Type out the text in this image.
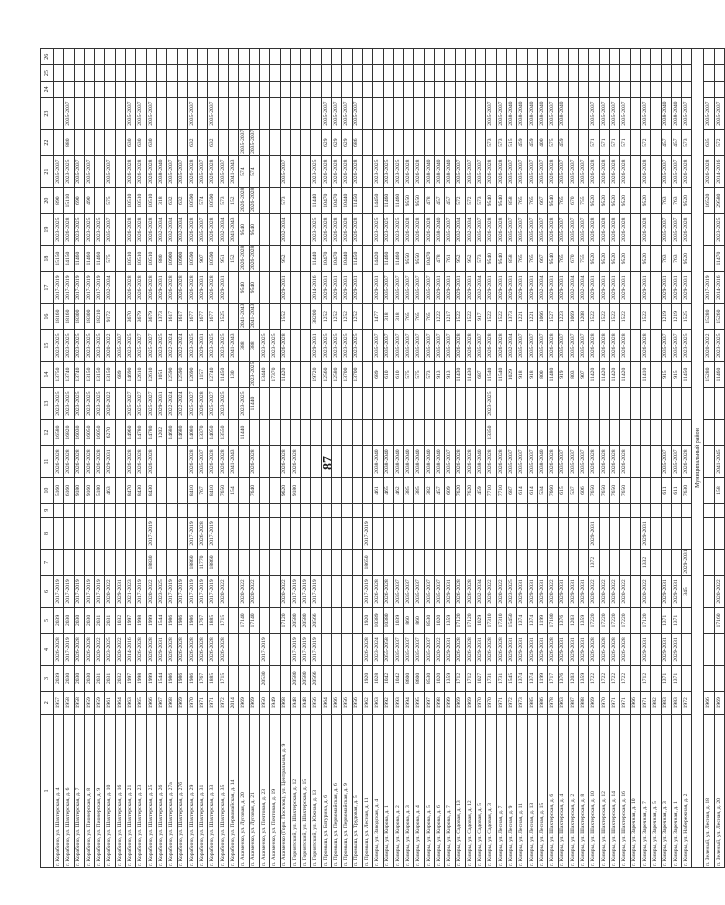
87
1	2	3	4	5	6	7	8	9	10	11	12	13	14	15	16	17	18	19	20	21	22	23	24	25	26
г. Корабино, ул. Шахтерская, д. 4	1957	2039	2026-2028	2039	2017-2019				5160	2026-2028	16580	2023-2025	13750	2023-2025	18160	2017-2019	15150	2023-2025	890	2035-2037					
г. Корабино, ул. Шахтерская, д. 6	1958	2030	2017-2019	2030	2017-2019				6160	2026-2028	16820	2023-2025	13740	2023-2025	18160	2017-2019	14150	2026-2028	15110	2023-2025	880	2035-2037			
г. Корабино, ул. Шахтерская, д. 7	1958	2030	2026-2028	2030	2017-2019				9180	2026-2028	16030	2023-2025	13740	2023-2025	18300	2017-2019	11460	2023-2025	690	2035-2037					
г. Корабино, ул. Пионерская, д. 8	1959	2030	2026-2028	2030	2017-2019				9160	2026-2028	16050	2023-2025	13150	2023-2025	18300	2017-2019	11460	2023-2025	490	2035-2037					
г. Корабино, ул. Пионерская, д. 9	1959	2031	2020-2022	2031	2017-2019				5180	2026-2028	16050	2023-2025	13150	2023-2025	18210	2017-2019	11460	2023-2025							
г. Корабино, ул. Шахтерская, д. 10	1961	2031	2023-2025	2031	2020-2022				463	2029-2031	6270	2020-2022	13150	2020-2022	9172	2032-2034	575	2035-2037	575	2035-2037					
г. Корабино, ул. Шахтерская, д. 16	1964	2032	2020-2022	1032	2029-2031								689	2035-2037											
г. Корабино, ул. Шахтерская, д. 21	1963	1997	2014-2016	1997	2021-2023				8470	2026-2028	14960	2025-2027	14690	2023-2025	3670	2026-2028	10510	2026-2028	10510	2026-2028	630	2035-2037			
г. Корабино, ул. Шахтерская, д. 23	1965	1998	2026-2028	1998	2017-2019				8430	2026-2028	14780	2025-2027	12610	2025-2027	3679	2026-2028	10510	2026-2028	10510	2026-2028	630	2035-2037			
г. Корабино, ул. Шахтерская, д. 25	1966	1999	2026-2028	1999	2020-2022	18830	2017-2019		8430	2026-2028	14780	2025-2027	12610	2025-2027	3679	2026-2028	10510	2026-2028	10510	2026-2028	630	2035-2037			
г. Корабино, ул. Шахтерская, д. 26	1967	1544	2029-2031	1544	2023-2025						1202	2029-2031	1051	2023-2025	1373	2029-2031	880	2032-2034	318	2038-2040					
г. Корабино, ул. Шахтерская, д. 27а	1968	1986	2026-2028	1986	2017-2019						14680	2022-2024	12590	2022-2024	1617	2026-2028	10900	2032-2034	632	2035-2037					
г. Корабино, ул. Шахтерская, д. 27б	1969	1986	2026-2028	1986	2017-2019						14680	2022-2024	12590	2022-2024	1617	2026-2028	10900	2032-2034	632	2035-2037					
г. Корабино, ул. Шахтерская, д. 29	1970	1986	2026-2028	1986	2017-2019	18860	2017-2019		8410	2026-2028	14080	2025-2027	12690	2023-2025	1677	2026-2028	10590	2026-2028	10590	2026-2028	632	2035-2037			
г. Корабино, ул. Шахтерская, д. 31	1971	1767	2026-2028	1767	2017-2019	11770	2026-2028		767	2035-2037	13370	2026-2028	1157	2029-2031	1677	2029-2031	907	2035-2037	574	2035-2037					
г. Корабино, ул. Шахтерская, д. 33	1971	1885	2026-2028	1885	2017-2019	18860	2017-2019		8410	2026-2028	14050	2025-2027	12740	2023-2025	1677	2026-2028	10590	2026-2028	10590	2026-2028	632	2035-2037			
г. Корабино, ул. Шахтерская, д. 35	1972	1715	2026-2028	1715	2020-2022				7650	2026-2028	13550	2023-2025	11450	2023-2025	1525	2029-2031	951	2032-2034	573	2035-2037					
г. Корабино, ул. Первомайская, д. 14	2014								154	2041-2043			130	2041-2043			152	2041-2043	152	2041-2043					
п. Акименко, ул. Луговая, д. 20	1969			17140	2020-2022						11440	2023-2025		388	2041-2043	9540	2026-2028	9540	2026-2028	574	2035-2037				
п. Акименко, ул. Луговая, д. 21	1969			17140	2020-2022				7640	2026-2028		11440	2023-2025	388	2041-2043	9540	2026-2028	9540	2026-2028	574	2035-2037				
п. Акименко, ул. Почтовая, д. 23	1950	20530	2017-2019										13440	2023-2025											
п. Акименко, ул. Почтовая, д. 19	1949												17370	2023-2025											
п. Акименко (Горн. Поселок), ул. Центральная, д. 9	1968			17120	2020-2022				9620	2026-2028			11420	2026-2028	1552	2029-2031	952	2032-2034	573	2035-2037					
п. Горнятский, ул. Шахтерская, д. 12	1948	20580	2017-2019	20580	2017-2019				9180	2026-2028															
п. Горнятский, ул. Шахтерская, д. 15	1948	20580	2017-2019	20580	2017-2019																				
п. Горнятский, ул. Южная, д. 13	1956	20566	2017-2019	20566	2017-2019								19720	2029-2031	38200	2014-2016	11440	2023-2025	11440	2023-2025					
п. Промыш, ул. Батурина, д. 6	1964												12560	2023-2025	1252	2029-2031	10470	2026-2028	10470	2026-2028	629	2035-2037			
п. Промыш, ул. Первомайская, д. 6	1966												12580	2023-2025	1252	2029-2031	10470	2026-2028	10470	2026-2028	629	2035-2037			
п. Промыш, ул. Первомайская, д. 9	1956												13700	2023-2025	1252	2029-2031	10440	2026-2028	10440	2026-2028	629	2035-2037			
п. Промыш, ул. Трудовая, д. 5	1956												13700	2023-2025	1252	2029-2031	11450	2026-2028	11450	2026-2028	686	2035-2037			
п. Промыш, ул. Лесная, д. 11	1962	1920	2026-2028	1920	2017-2019	18650	2017-2019																		
г. Кимры, ул. Заводская, д. 4	1963	1028	2023-2024	10389	2026-2028				461	2038-2040			689	2035-2037	1477	2029-2031	14420	2023-2025	14450	2023-2025					
г. Кимры, ул. Кирова, д. 1	1992	1042	2055-2058	10380	2026-2028				465	2038-2040			610	2035-2037	318	2035-2037	11460	2023-2025	11460	2023-2025					
г. Кимры, ул. Кирова, д. 2	1993	1042	2035-2037	1039	2035-2037				462	2038-2040			610	2035-2037	318	2035-2037	11460	2023-2025	11460	2023-2025					
г. Кимры, ул. Кирова, д. 3	1994	8600	2035-2037	860	2035-2037				385	2038-2040			575	2035-2037	765	2035-2037	9550	2026-2028	9550	2026-2028					
г. Кимры, ул. Кирова, д. 4	1995	8600	2035-2037	860	2035-2037				385	2038-2040			575	2035-2037	765	2035-2037	9550	2026-2028	9550	2026-2028					
г. Кимры, ул. Кирова, д. 5	1997	8530	2035-2037	8530	2035-2037				382	2038-2040			573	2035-2037	765	2035-2037	10470	2026-2028	478	2038-2040					
г. Кимры, ул. Кирова, д. 6	1998	1020	2020-2022	1020	2035-2037				457	2038-2040			913	2035-2037	1222	2029-2031	478	2038-2040	457	2038-2040					
г. Кимры, ул. Кирова, д. 7	1999	1359	2029-2031	1359	2029-2031				609	2035-2037			913	2035-2037	1217	2029-2031	761	2035-2037	457	2038-2040					
г. Кимры, ул. Садовая, д. 13	1969	1712	2026-2028	17120	2026-2028				7620	2026-2028			11430	2026-2028	1522	2029-2031	952	2032-2034	572	2035-2037					
г. Кимры, ул. Садовая, д. 12	1969	1712	2026-2028	17120	2026-2028				7620	2026-2028			11430	2026-2028	1522	2029-2031	952	2032-2034	572	2035-2037					
г. Кимры, ул. Садовая, д. 5	1970	1027	2029-2031	1029	2032-2034				459	2038-2040			687	2035-2037	917	2032-2034	573	2035-2037	573	2035-2037					
г. Кимры, ул. Садовая, д. 3	1970	1731	2026-2028	17310	2020-2022				7710	2026-2028	13350	2023-2025	11540	2026-2028	1522	2029-2031	9540	2026-2028	9540	2026-2028	573	2035-2037			
г. Кимры, ул. Лесная, д. 7	1971	1731	2026-2028	17310	2020-2022				7710	2026-2028			11540	2026-2028	1522	2029-2031	9540	2026-2028	9540	2026-2028	573	2035-2037			
г. Кимры, ул. Лесная, д. 9	1972	1545	2029-2031	15450	2023-2025				687	2035-2037			1029	2032-2034	1373	2029-2031	858	2035-2037	858	2035-2037	515	2038-2040			
г. Кимры, ул. Лесная, д. 11	1973	1374	2029-2031	1374	2029-2031				614	2035-2037			918	2035-2037	1221	2029-2031	765	2035-2037	765	2035-2037	459	2038-2040			
г. Кимры, ул. Лесная, д. 13	1985	1374	2029-2031	1374	2029-2031				614	2035-2037			918	2035-2037	1221	2029-2031	765	2035-2037	765	2035-2037	459	2038-2040			
г. Кимры, ул. Лесная, д. 15	1986	1199	2029-2031	1199	2029-2031				534	2038-2040			800	2035-2037	1066	2032-2034	667	2035-2037	667	2035-2037	400	2038-2040			
г. Кимры, ул. Шахтерская, д. 6	1978	1717	2026-2028	17180	2020-2022				7660	2026-2028			11480	2026-2028	1527	2029-2031	9540	2026-2028	9540	2026-2028	575	2035-2037			
г. Кимры, ул. Шахтерская, д. 4	1963	1376	2029-2031	1376	2029-2031				615	2035-2037			919	2035-2037	1223	2029-2031	765	2035-2037	765	2035-2037	459	2038-2040			
г. Кимры, ул. Шахтерская, д. 2	1987	1203	2029-2031	1203	2029-2031				537	2035-2037			803	2035-2037	1069	2032-2034	670	2035-2037	670	2035-2037					
г. Кимры, ул. Шахтерская, д. 8	1988	1359	2029-2031	1359	2029-2031				606	2035-2037			907	2035-2037	1208	2032-2034	755	2035-2037	755	2035-2037					
г. Кимры, ул. Шахтерская, д. 10	1969	1722	2026-2028	17220	2020-2022	1372	2029-2031		7650	2026-2028			11420	2026-2028	1522	2029-2031	9520	2026-2028	9520	2026-2028	571	2035-2037			
г. Кимры, ул. Шахтерская, д. 12	1970	1722	2026-2028	17220	2020-2022				7650	2026-2028			11420	2026-2028	1522	2029-2031	9520	2026-2028	9520	2026-2028	571	2035-2037			
г. Кимры, ул. Шахтерская, д. 14	1971	1722	2026-2028	17220	2020-2022				7650	2026-2028			11420	2026-2028	1522	2029-2031	9520	2026-2028	9520	2026-2028	571	2035-2037			
г. Кимры, ул. Шахтерская, д. 16	1971	1722	2026-2028	17220	2020-2022				7650	2026-2028			11420	2026-2028	1522	2029-2031	9520	2026-2028	9520	2026-2028	571	2035-2037			
г. Кимры, ул. Заречная, д. 10	1966																								
г. Кимры, ул. Заречная, д. 7	1971	1712	2029-2031	17120	2020-2022	1332	2029-2031						11410	2026-2028	1522	2029-2031	9520	2026-2028	9520	2026-2028	572	2035-2037			
г. Кимры, ул. Заречная, д. 5	1982																								
г. Кимры, ул. Заречная, д. 3	1983	1371	2029-2031	1371	2029-2031				611	2035-2037			915	2035-2037	1219	2029-2031	763	2035-2037	763	2035-2037	457	2038-2040			
г. Кимры, ул. Заречная, д. 1	1983	1371	2029-2031	1371	2029-2031				611	2035-2037			915	2035-2037	1219	2029-2031	763	2035-2037	763	2035-2037	457	2038-2040			
г. Кимры, ул. Набережная, д. 2	1972				345	2029-2031			7630	2026-2028			11450	2023-2025	1525	2029-2031	9520	2026-2028	9520	2026-2028	573	2035-2037			
Муниципальный район																									
п. Зеленый, ул. Лесная, д. 18	1966												15280	2020-2022	15280	2017-2019			16520	2026-2028	635	2035-2037			
п. Зеленый, ул. Лесная, д. 20	1969			17160	2020-2022				158	2041-2045			11460	2023-2025	15260	2014-2016	11470	2023-2025	29580	2014-2016	572	2035-2037			
